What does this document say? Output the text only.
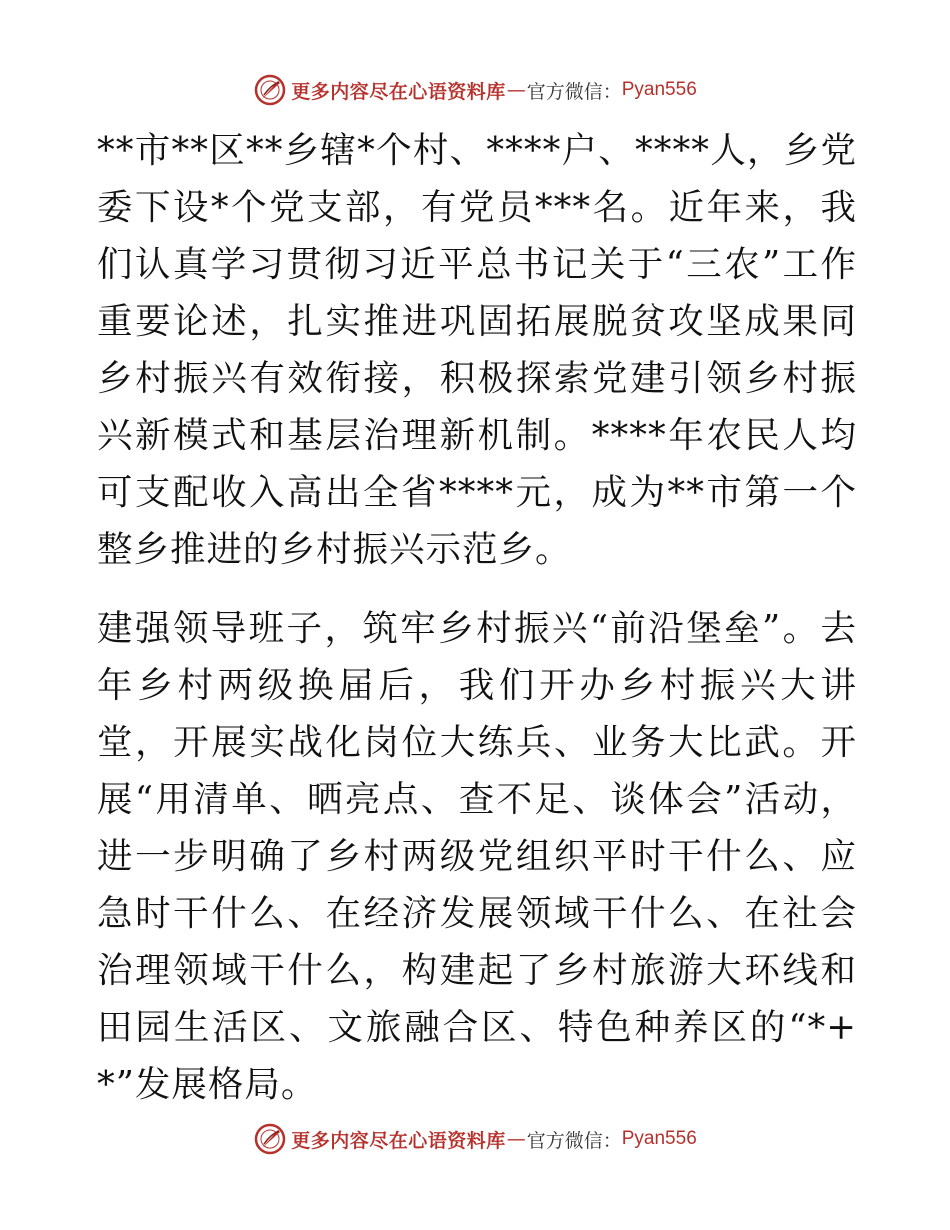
更多内容尽在心语资料库 — 官方微信： Pyan556

**市**区**乡辖*个村、****户、****人，乡党委下设*个党支部，有党员***名。近年来，我们认真学习贯彻习近平总书记关于“三农”工作重要论述，扎实推进巩固拓展脱贫攻坚成果同乡村振兴有效衔接，积极探索党建引领乡村振兴新模式和基层治理新机制。****年农民人均可支配收入高出全省****元，成为**市第一个整乡推进的乡村振兴示范乡。

建强领导班子，筑牢乡村振兴“前沿堡垒”。去年乡村两级换届后，我们开办乡村振兴大讲堂，开展实战化岗位大练兵、业务大比武。开展“用清单、晒亮点、查不足、谈体会”活动，进一步明确了乡村两级党组织平时干什么、应急时干什么、在经济发展领域干什么、在社会治理领域干什么，构建起了乡村旅游大环线和田园生活区、文旅融合区、特色种养区的“*+*”发展格局。

更多内容尽在心语资料库 — 官方微信： Pyan556
